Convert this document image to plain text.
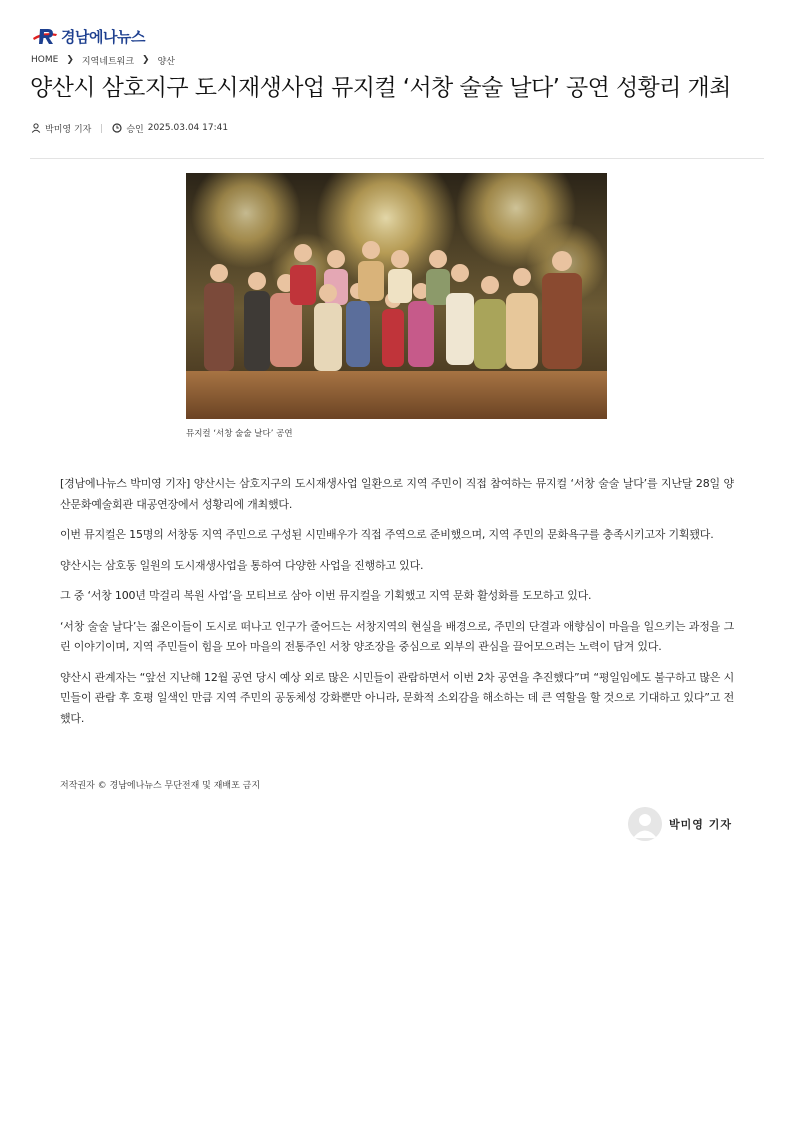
경남에나뉴스
HOME ❯ 지역네트워크 ❯ 양산
양산시 삼호지구 도시재생사업 뮤지컬 ‘서창 술술 날다’ 공연 성황리 개최
박미영 기자	승인 2025.03.04 17:41
뮤지컬 ‘서창 술술 날다’ 공연

[경남에나뉴스 박미영 기자] 양산시는 삼호지구의 도시재생사업 일환으로 지역 주민이 직접 참여하는 뮤지컬 ‘서창 술술 날다’를 지난달 28일 양산문화예술회관 대공연장에서 성황리에 개최했다.

이번 뮤지컬은 15명의 서창동 지역 주민으로 구성된 시민배우가 직접 주역으로 준비했으며, 지역 주민의 문화욕구를 충족시키고자 기획됐다.

양산시는 삼호동 일원의 도시재생사업을 통하여 다양한 사업을 진행하고 있다.

그 중 ‘서창 100년 막걸리 복원 사업’을 모티브로 삼아 이번 뮤지컬을 기획했고 지역 문화 활성화를 도모하고 있다.

‘서창 술술 날다’는 젊은이들이 도시로 떠나고 인구가 줄어드는 서창지역의 현실을 배경으로, 주민의 단결과 애향심이 마을을 일으키는 과정을 그린 이야기이며, 지역 주민들이 힘을 모아 마을의 전통주인 서창 양조장을 중심으로 외부의 관심을 끌어모으려는 노력이 담겨 있다.

양산시 관계자는 “앞선 지난해 12월 공연 당시 예상 외로 많은 시민들이 관람하면서 이번 2차 공연을 추진했다”며 “평일임에도 불구하고 많은 시민들이 관람 후 호평 일색인 만큼 지역 주민의 공동체성 강화뿐만 아니라, 문화적 소외감을 해소하는 데 큰 역할을 할 것으로 기대하고 있다”고 전했다.

저작권자 © 경남에나뉴스 무단전재 및 재배포 금지
박미영 기자
